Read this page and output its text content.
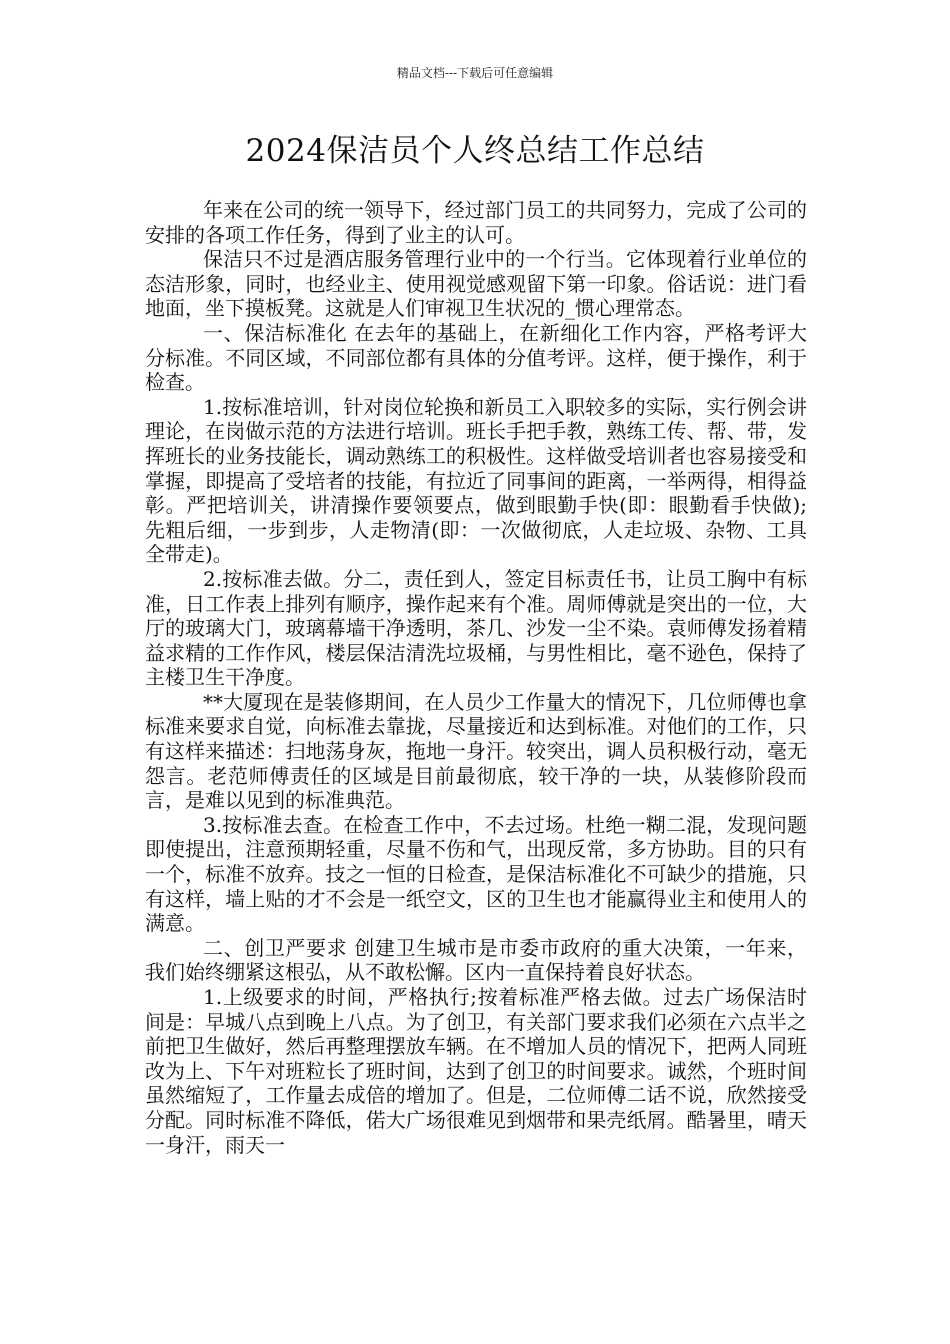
精品文档---下载后可任意编辑
2024保洁员个人终总结工作总结

年来在公司的统一领导下，经过部门员工的共同努力，完成了公司的安排的各项工作任务，得到了业主的认可。

保洁只不过是酒店服务管理行业中的一个行当。它体现着行业单位的态洁形象，同时，也经业主、使用视觉感观留下第一印象。俗话说：进门看地面，坐下摸板凳。这就是人们审视卫生状况的_惯心理常态。

一、保洁标准化 在去年的基础上，在新细化工作内容，严格考评大分标准。不同区域，不同部位都有具体的分值考评。这样，便于操作，利于检查。

1.按标准培训，针对岗位轮换和新员工入职较多的实际，实行例会讲理论，在岗做示范的方法进行培训。班长手把手教，熟练工传、帮、带，发挥班长的业务技能长，调动熟练工的积极性。这样做受培训者也容易接受和掌握，即提高了受培者的技能，有拉近了同事间的距离，一举两得，相得益彰。严把培训关，讲清操作要领要点，做到眼勤手快(即：眼勤看手快做);先粗后细，一步到步，人走物清(即：一次做彻底，人走垃圾、杂物、工具全带走)。

2.按标准去做。分二，责任到人，签定目标责任书，让员工胸中有标准，日工作表上排列有顺序，操作起来有个准。周师傅就是突出的一位，大厅的玻璃大门，玻璃幕墙干净透明，茶几、沙发一尘不染。袁师傅发扬着精益求精的工作作风，楼层保洁清洗垃圾桶，与男性相比，毫不逊色，保持了主楼卫生干净度。

**大厦现在是装修期间，在人员少工作量大的情况下，几位师傅也拿标准来要求自觉，向标准去靠拢，尽量接近和达到标准。对他们的工作，只有这样来描述：扫地荡身灰，拖地一身汗。较突出，调人员积极行动，毫无怨言。老范师傅责任的区域是目前最彻底，较干净的一块，从装修阶段而言，是难以见到的标准典范。

3.按标准去查。在检查工作中，不去过场。杜绝一糊二混，发现问题即使提出，注意预期轻重，尽量不伤和气，出现反常，多方协助。目的只有一个，标准不放弃。技之一恒的日检查，是保洁标准化不可缺少的措施，只有这样，墙上贴的才不会是一纸空文，区的卫生也才能赢得业主和使用人的满意。

二、创卫严要求 创建卫生城市是市委市政府的重大决策，一年来，我们始终绷紧这根弘，从不敢松懈。区内一直保持着良好状态。

1.上级要求的时间，严格执行;按着标准严格去做。过去广场保洁时间是：早城八点到晚上八点。为了创卫，有关部门要求我们必须在六点半之前把卫生做好，然后再整理摆放车辆。在不增加人员的情况下，把两人同班改为上、下午对班粒长了班时间，达到了创卫的时间要求。诚然，个班时间虽然缩短了，工作量去成倍的增加了。但是，二位师傅二话不说，欣然接受分配。同时标准不降低，偌大广场很难见到烟带和果壳纸屑。酷暑里，晴天一身汗，雨天一
